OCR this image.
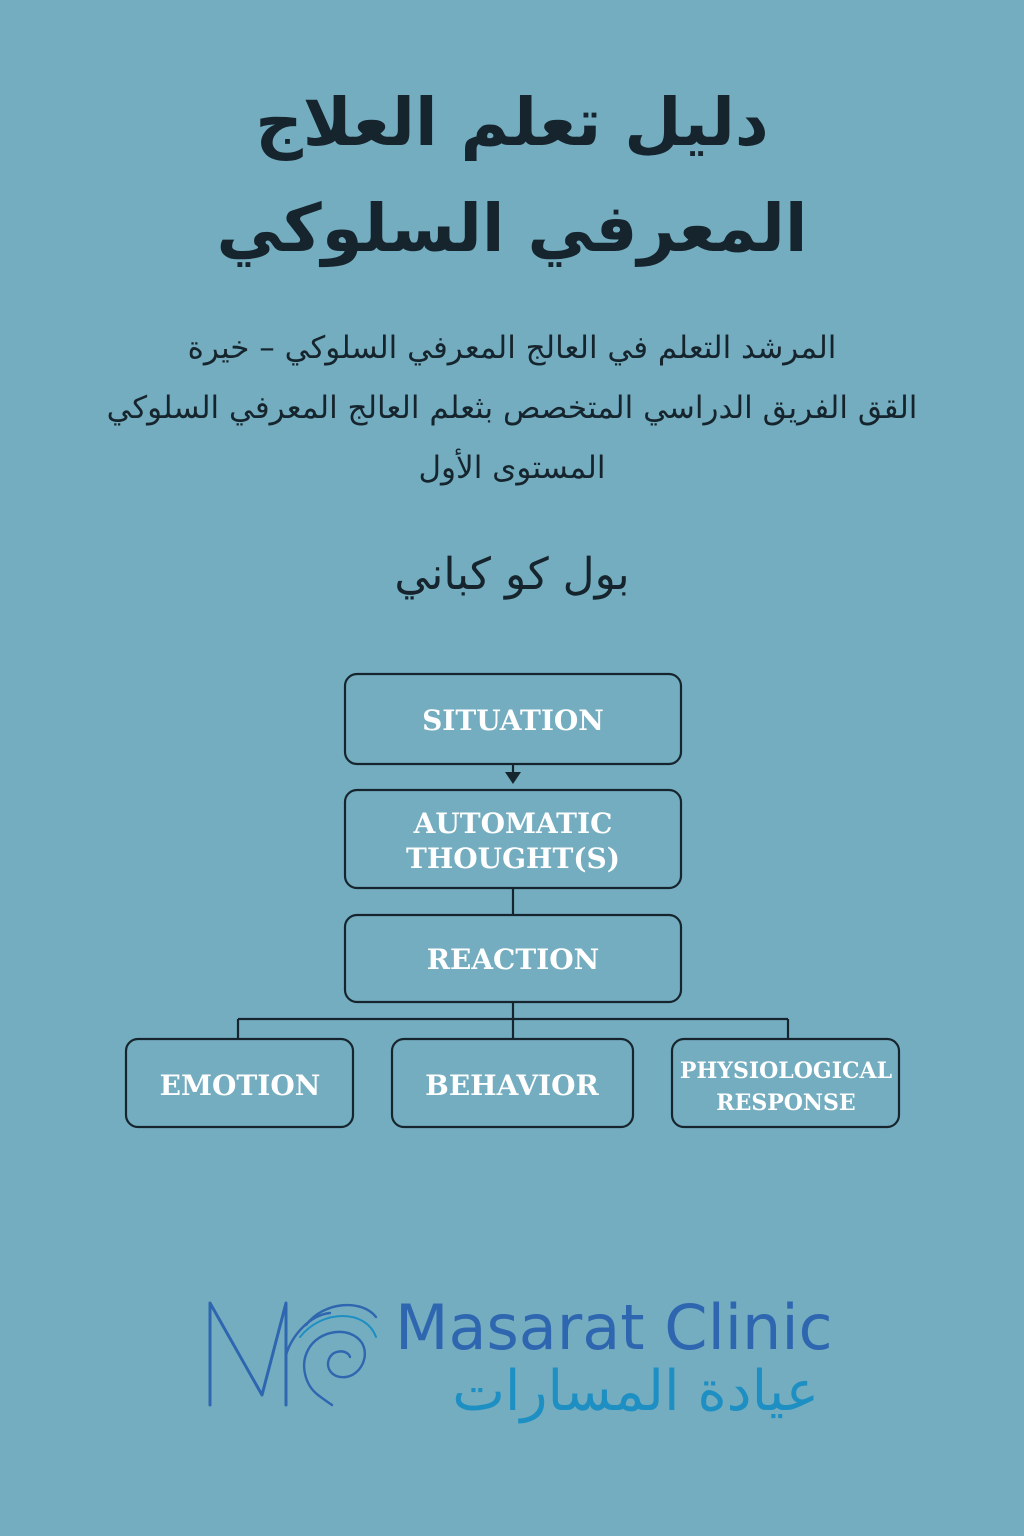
دليل تعلم العلاج
المعرفي السلوكي
المرشد التعلم في العالج المعرفي السلوكي – خيرة
القق الفريق الدراسي المتخصص بثعلم العالج المعرفي السلوكي
المستوى الأول
بول كو كباني
SITUATION
AUTOMATIC
THOUGHT(S)
REACTION
EMOTION	BEHAVIOR	PHYSIOLOGICAL
RESPONSE
Masarat Clinic
عيادة المسارات
